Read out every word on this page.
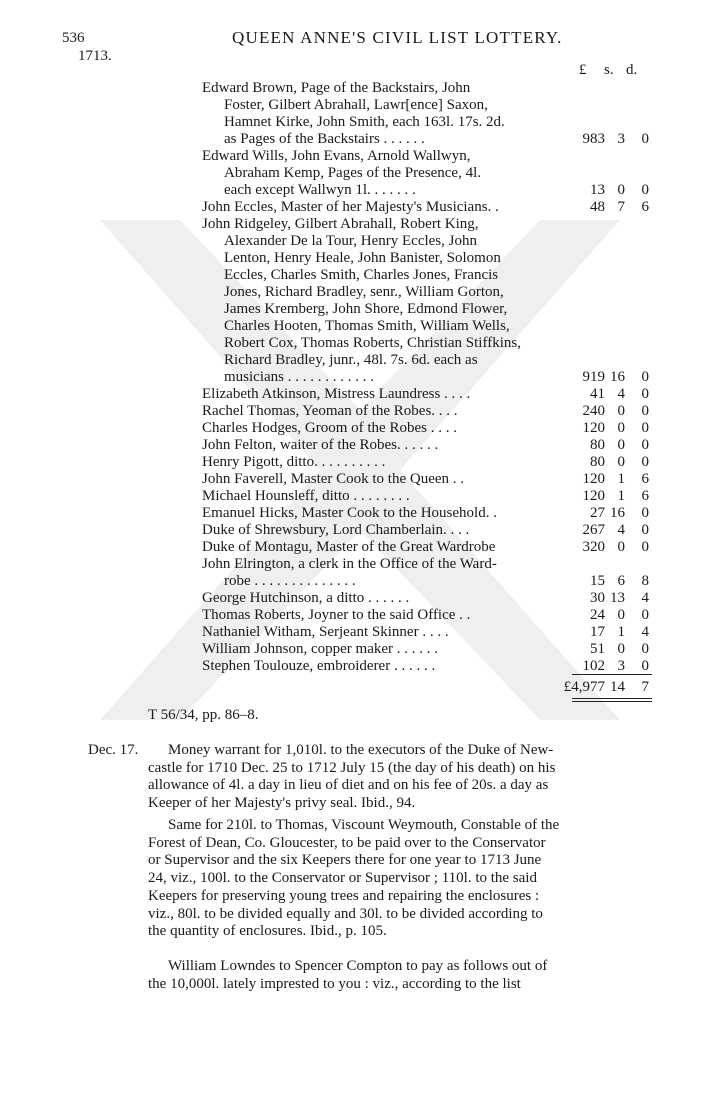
536
1713.
QUEEN ANNE'S CIVIL LIST LOTTERY.
£ s. d.
Edward Brown, Page of the Backstairs, John
Foster, Gilbert Abrahall, Lawr[ence] Saxon,
Hamnet Kirke, John Smith, each 163l. 17s. 2d.
as Pages of the Backstairs . . . . . .	983 3	0
Edward Wills, John Evans, Arnold Wallwyn,
Abraham Kemp, Pages of the Presence, 4l.
each except Wallwyn 1l. . . . . . .	13 0	0
John Eccles, Master of her Majesty's Musicians. .	48 7	6
John Ridgeley, Gilbert Abrahall, Robert King,
Alexander De la Tour, Henry Eccles, John
Lenton, Henry Heale, John Banister, Solomon
Eccles, Charles Smith, Charles Jones, Francis
Jones, Richard Bradley, senr., William Gorton,
James Kremberg, John Shore, Edmond Flower,
Charles Hooten, Thomas Smith, William Wells,
Robert Cox, Thomas Roberts, Christian Stiffkins,
Richard Bradley, junr., 48l. 7s. 6d. each as
musicians . . . . . . . . . . . .	919 16	0
Elizabeth Atkinson, Mistress Laundress . . . .	41 4	0
Rachel Thomas, Yeoman of the Robes. . . .	240 0	0
Charles Hodges, Groom of the Robes . . . .	120 0	0
John Felton, waiter of the Robes. . . . . .	80 0	0
Henry Pigott, ditto. . . . . . . . . .	80 0	0
John Faverell, Master Cook to the Queen . .	120 1	6
Michael Hounsleff, ditto . . . . . . . .	120 1	6
Emanuel Hicks, Master Cook to the Household. .	27 16	0
Duke of Shrewsbury, Lord Chamberlain. . . .	267 4	0
Duke of Montagu, Master of the Great Wardrobe	320 0	0
John Elrington, a clerk in the Office of the Ward-
robe . . . . . . . . . . . . . .	15 6	8
George Hutchinson, a ditto . . . . . .	30 13	4
Thomas Roberts, Joyner to the said Office . .	24 0	0
Nathaniel Witham, Serjeant Skinner . . . .	17 1	4
William Johnson, copper maker . . . . . .	51 0	0
Stephen Toulouze, embroiderer . . . . . .	102 3	0
£4,977 14	7
T 56/34, pp. 86–8.
Dec. 17.	Money warrant for 1,010l. to the executors of the Duke of New-
castle for 1710 Dec. 25 to 1712 July 15 (the day of his death) on his
allowance of 4l. a day in lieu of diet and on his fee of 20s. a day as
Keeper of her Majesty's privy seal. Ibid., 94.
Same for 210l. to Thomas, Viscount Weymouth, Constable of the
Forest of Dean, Co. Gloucester, to be paid over to the Conservator
or Supervisor and the six Keepers there for one year to 1713 June
24, viz., 100l. to the Conservator or Supervisor ; 110l. to the said
Keepers for preserving young trees and repairing the enclosures :
viz., 80l. to be divided equally and 30l. to be divided according to
the quantity of enclosures. Ibid., p. 105.
William Lowndes to Spencer Compton to pay as follows out of
the 10,000l. lately imprested to you : viz., according to the list
